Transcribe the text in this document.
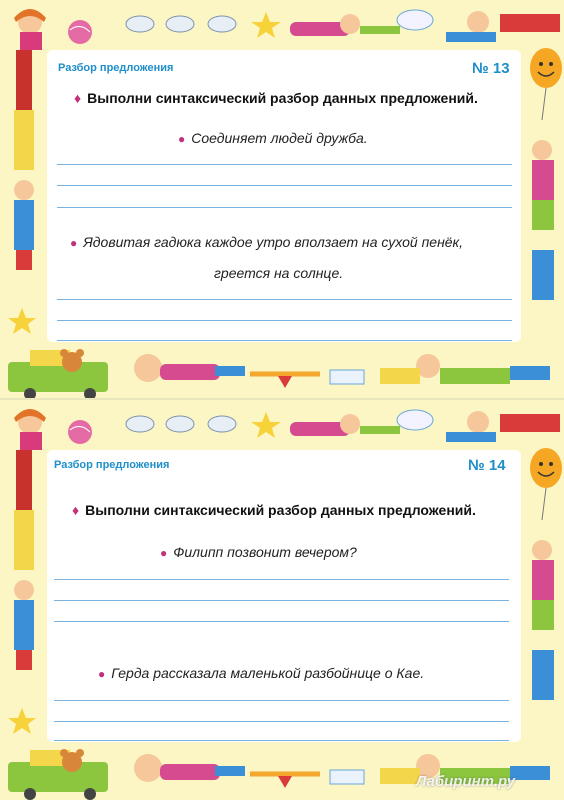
Разбор предложения	№ 13
♦ Выполни синтаксический разбор данных предложений.
● Соединяет людей дружба.
● Ядовитая гадюка каждое утро вползает на сухой пенёк,
греется на солнце.
Разбор предложения	№ 14
♦ Выполни синтаксический разбор данных предложений.
● Филипп позвонит вечером?
● Герда рассказала маленькой разбойнице о Кае.
Лабиринт.ру
